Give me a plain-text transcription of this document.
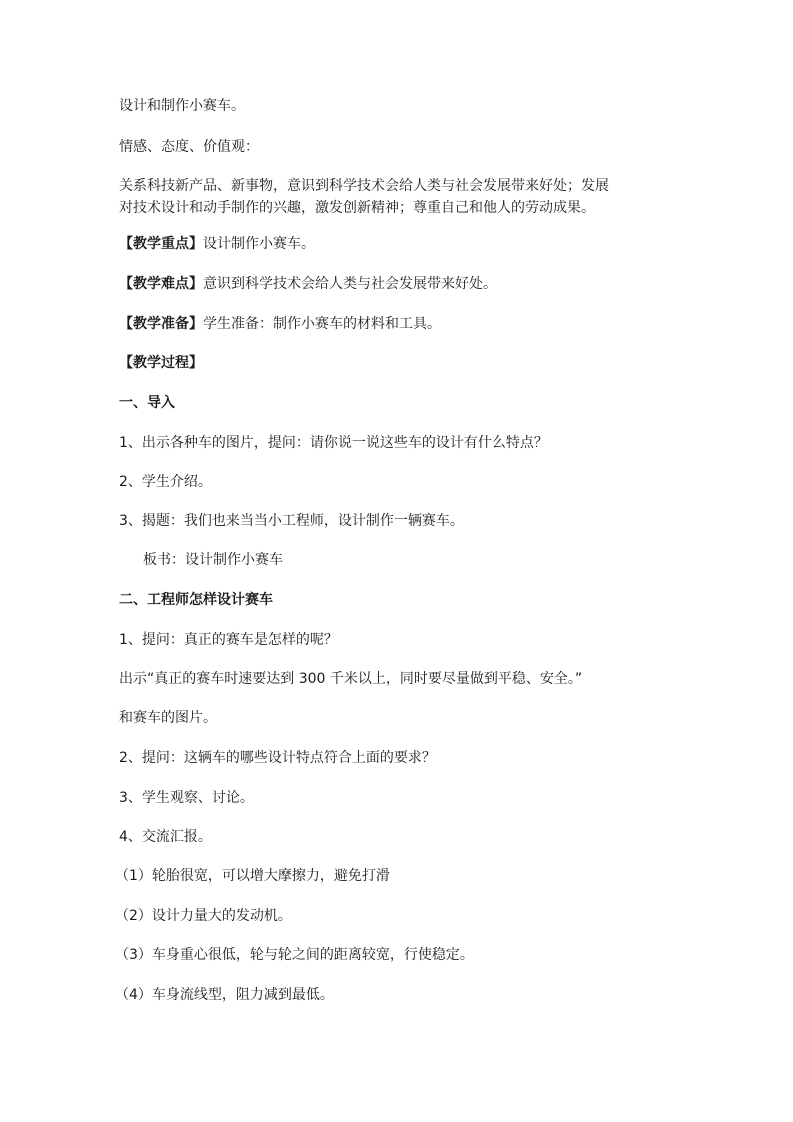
设计和制作小赛车。
情感、态度、价值观：
关系科技新产品、新事物，意识到科学技术会给人类与社会发展带来好处；发展
对技术设计和动手制作的兴趣，激发创新精神；尊重自己和他人的劳动成果。
【教学重点】设计制作小赛车。
【教学难点】意识到科学技术会给人类与社会发展带来好处。
【教学准备】学生准备：制作小赛车的材料和工具。
【教学过程】
一、导入
1、出示各种车的图片，提问：请你说一说这些车的设计有什么特点？
2、学生介绍。
3、揭题：我们也来当当小工程师，设计制作一辆赛车。
板书：设计制作小赛车
二、工程师怎样设计赛车
1、提问：真正的赛车是怎样的呢？
出示“真正的赛车时速要达到 300 千米以上，同时要尽量做到平稳、安全。”
和赛车的图片。
2、提问：这辆车的哪些设计特点符合上面的要求？
3、学生观察、讨论。
4、交流汇报。
（1）轮胎很宽，可以增大摩擦力，避免打滑
（2）设计力量大的发动机。
（3）车身重心很低，轮与轮之间的距离较宽，行使稳定。
（4）车身流线型，阻力减到最低。
